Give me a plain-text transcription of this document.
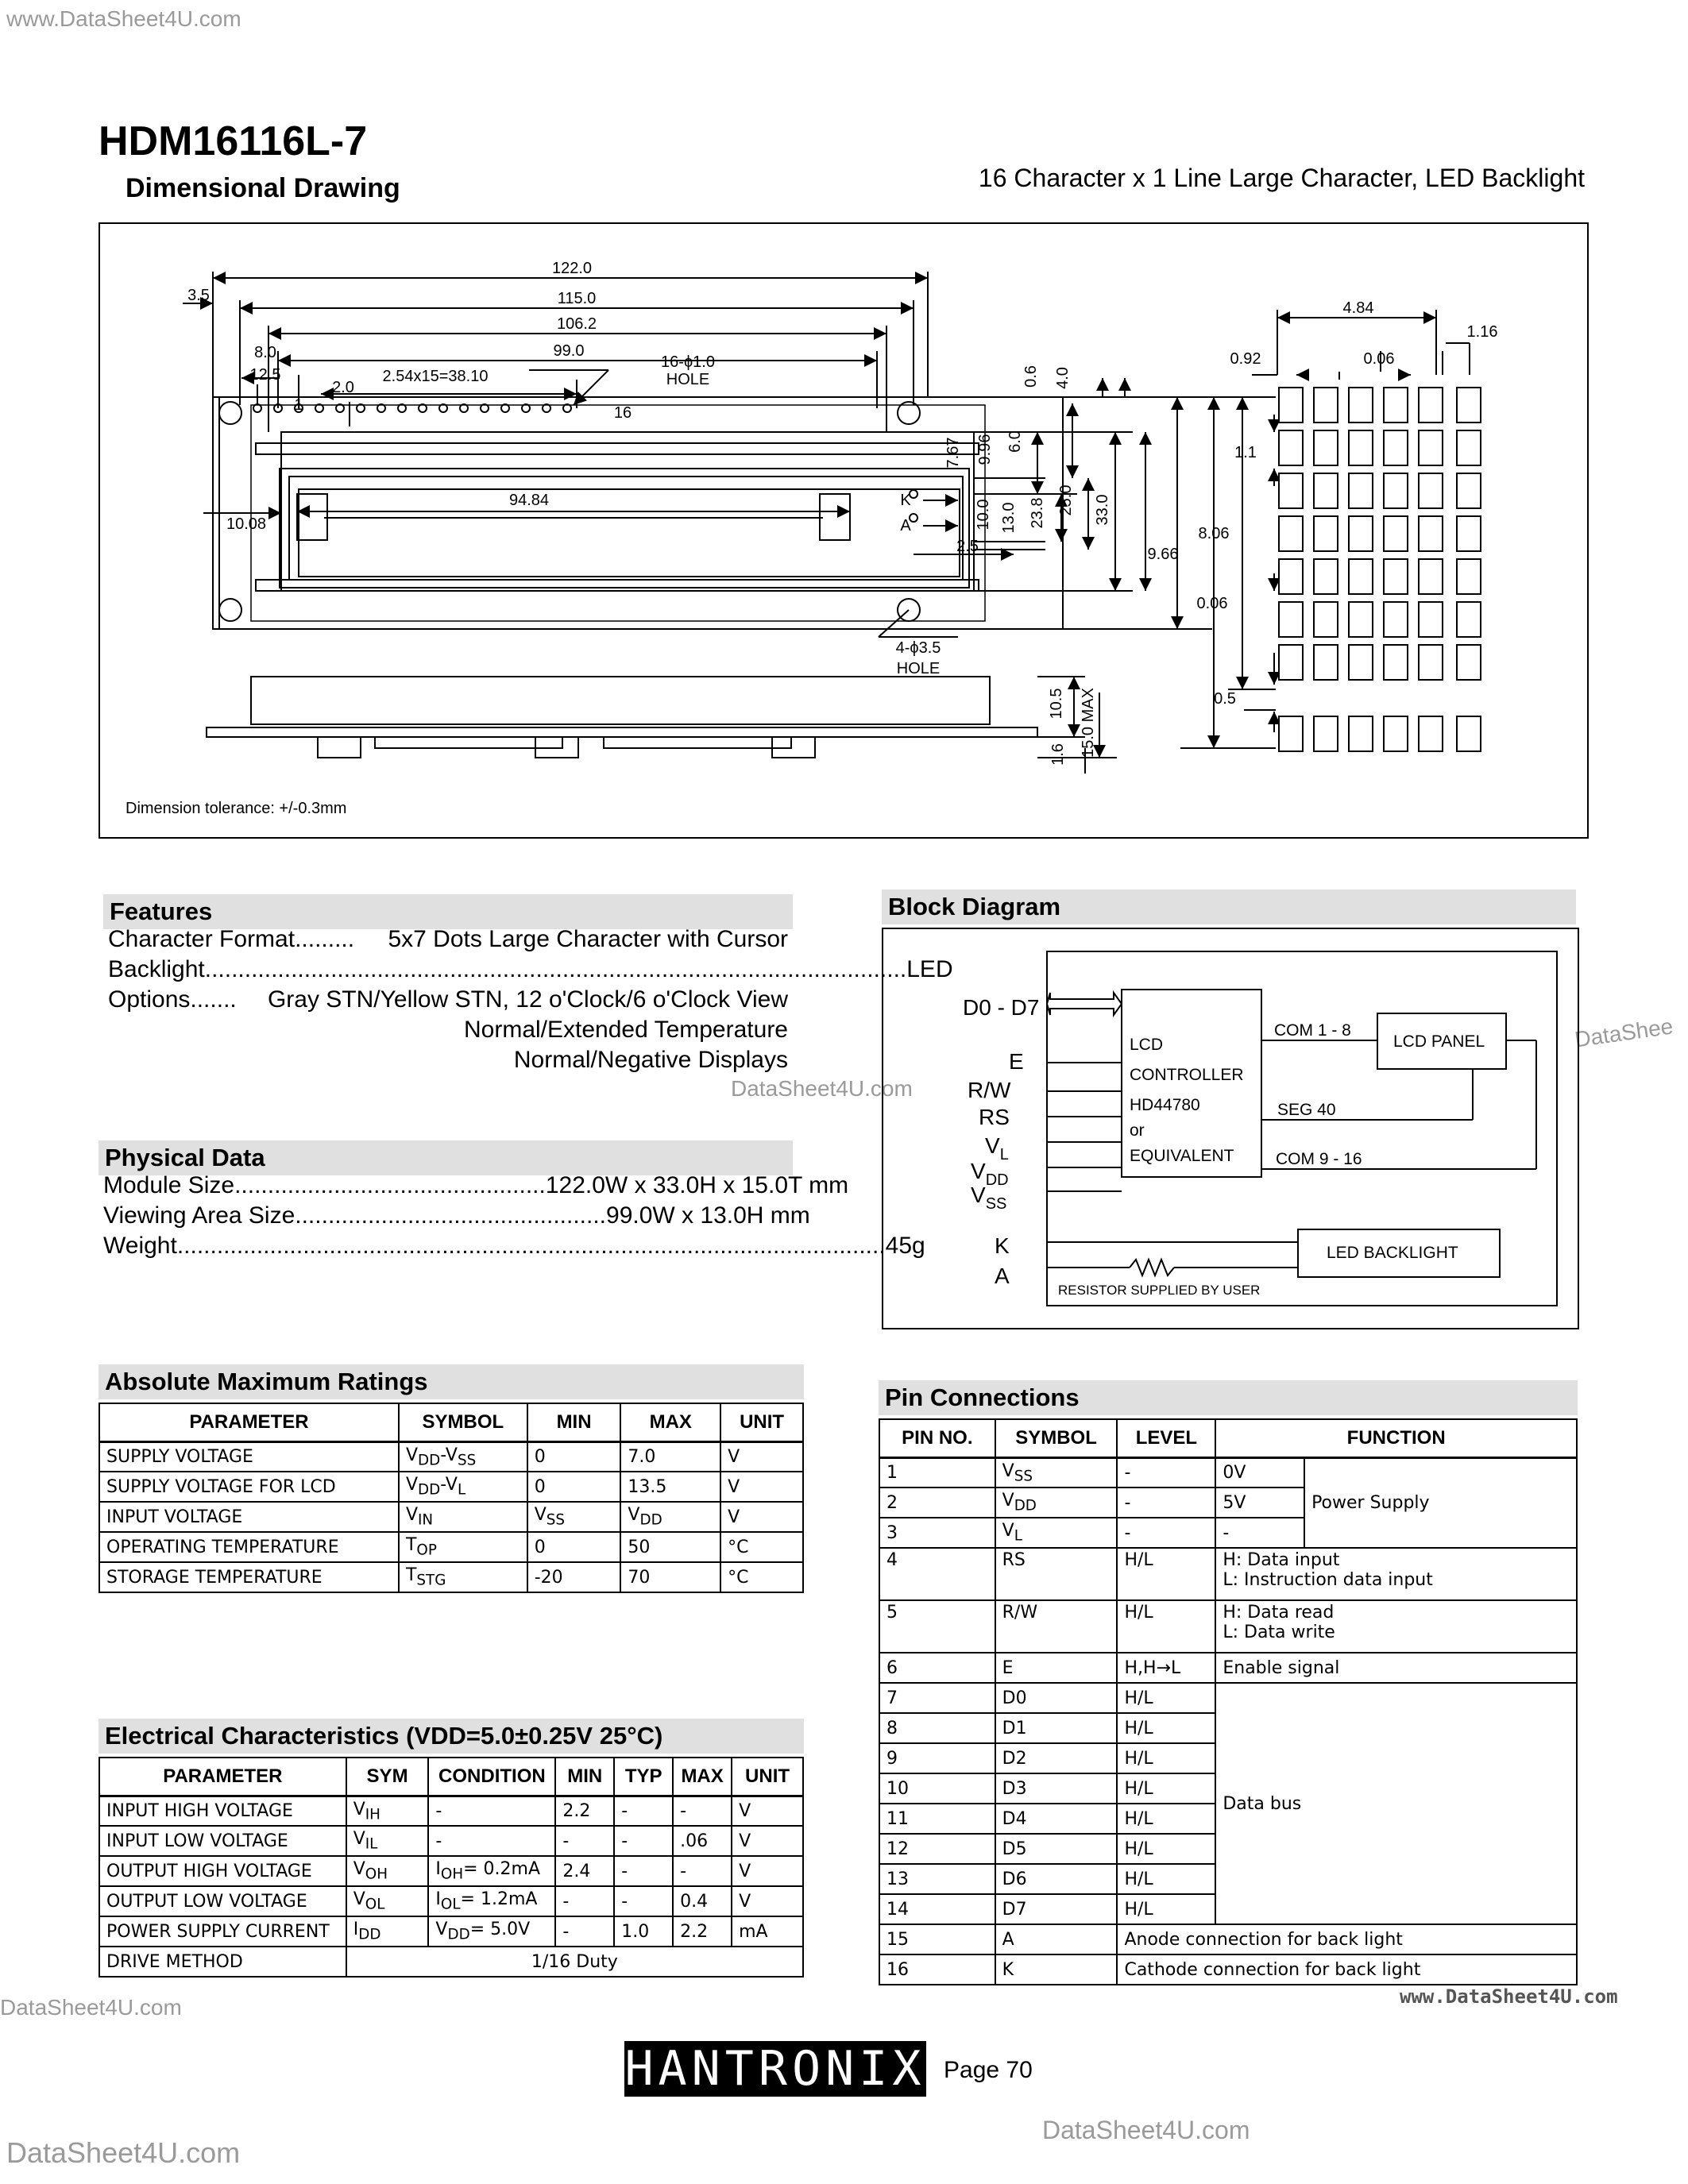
www.DataSheet4U.com
DataSheet4U.com
DataShee
DataSheet4U.com	www.DataSheet4U.com
HDM16116L-7
Dimensional Drawing	16 Character x 1 Line Large Character, LED Backlight
122.0
115.0
106.2
99.0
3.5
8.0
12.5
2.0
2.54x15=38.10
16-ϕ1.0
HOLE
1	16
94.84
10.08
K
A
2.5
4-ϕ3.5
HOLE
4.84
1.16
0.92	0.06
1.1
9.66
8.06
0.06
0.5
0.6 4.0
7.67 9.96 6.0
10.0 13.0 23.8 25.0 33.0
10.5 15.0 MAX
1.6
Dimension tolerance: +/-0.3mm
Features
Character Format .........	5x7 Dots Large Character with Cursor
Backlight .......................................................................................................... LED
Options .......	Gray STN/Yellow STN, 12 o'Clock/6 o'Clock View
Normal/Extended Temperature
Normal/Negative Displays
Physical Data
Module Size ............................................... 122.0W x 33.0H x 15.0T mm
Viewing Area Size ............................................... 99.0W x 13.0H mm
Weight ........................................................................................................... 45g
Absolute Maximum Ratings
PARAMETER	SYMBOL	MIN	MAX	UNIT
SUPPLY VOLTAGE	$V_{DD}-V_{SS}$	0	7.0	V
SUPPLY VOLTAGE FOR LCD	$V_{DD}-V_L$	0	13.5	V
INPUT VOLTAGE	$V_{IN}$	$V_{SS}$	$V_{DD}$	V
OPERATING TEMPERATURE	$T_{OP}$	0	50	°C
STORAGE TEMPERATURE	$T_{STG}$	-20	70	°C
Electrical Characteristics (VDD=5.0±0.25V 25°C)
PARAMETER	SYM	CONDITION	MIN	TYP	MAX	UNIT
INPUT HIGH VOLTAGE	$V_{IH}$	-	2.2	-	-	V
INPUT LOW VOLTAGE	$V_{IL}$	-	-	-	.06	V
OUTPUT HIGH VOLTAGE	$V_{OH}$	$I_{OH}= 0.2mA$	2.4	-	-	V
OUTPUT LOW VOLTAGE	$V_{OL}$	$I_{OL}= 1.2mA$	-	-	0.4	V
POWER SUPPLY CURRENT	$I_{DD}$	$V_{DD}= 5.0V$	-	1.0	2.2	mA
DRIVE METHOD	1/16 Duty					
Block Diagram
D0 - D7
E
R/W
RS
$V_L$
$V_{DD}$
$V_{SS}$
K
A
LCD
CONTROLLER
HD44780
or
EQUIVALENT
COM 1 - 8
SEG 40
COM 9 - 16
LCD PANEL
LED BACKLIGHT
RESISTOR SUPPLIED BY USER
Pin Connections
PIN NO.	SYMBOL	LEVEL	FUNCTION	
1	$V_{SS}$	-	0V	Power Supply
2	$V_{DD}$	-	5V	
3	$V_L$	-	-	
4	RS	H/L	H: Data input
L: Instruction data input	

5	R/W	H/L	H: Data read
L: Data write	

6	E	H,H→L	Enable signal	
7	D0	H/L	Data bus	
8	D1	H/L		
9	D2	H/L		
10	D3	H/L		
11	D4	H/L		
12	D5	H/L		
13	D6	H/L		
14	D7	H/L		
15	A	Anode connection for back light		
16	K	Cathode connection for back light		
HANTRONIX Page 70
DataSheet4U.com
DataSheet4U.com
